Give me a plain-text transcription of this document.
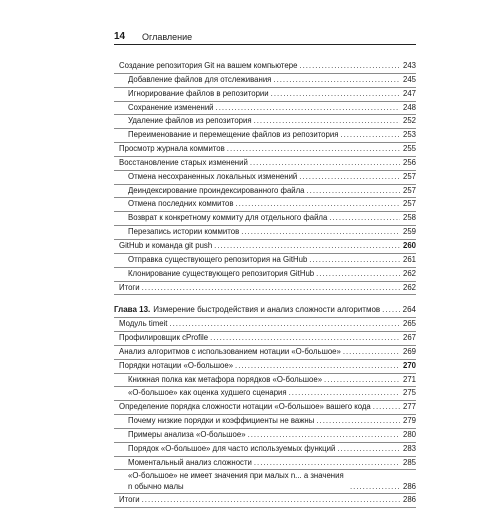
14	Оглавление
Создание репозитория Git на вашем компьютере .....	243
Добавление файлов для отслеживания .....	245
Игнорирование файлов в репозитории .....	247
Сохранение изменений .....	248
Удаление файлов из репозитория .....	252
Переименование и перемещение файлов из репозитория .....	253
Просмотр журнала коммитов .....	255
Восстановление старых изменений .....	256
Отмена несохраненных локальных изменений .....	257
Деиндексирование проиндексированного файла .....	257
Отмена последних коммитов .....	257
Возврат к конкретному коммиту для отдельного файла .....	258
Перезапись истории коммитов .....	259
GitHub и команда git push .....	260
Отправка существующего репозитория на GitHub .....	261
Клонирование существующего репозитория GitHub .....	262
Итоги .....	262
Глава 13. Измерение быстродействия и анализ сложности алгоритмов .....	264
Модуль timeit .....	265
Профилировщик cProfile .....	267
Анализ алгоритмов с использованием нотации «О-большое» .....	269
Порядки нотации «О-большое» .....	270
Книжная полка как метафора порядков «О-большое» .....	271
«О-большое» как оценка худшего сценария .....	275
Определение порядка сложности нотации «О-большое» вашего кода .....	277
Почему низкие порядки и коэффициенты не важны .....	279
Примеры анализа «О-большое» .....	280
Порядок «О-большое» для часто используемых функций .....	283
Моментальный анализ сложности .....	285
«О-большое» не имеет значения при малых n... а значения n обычно малы .....	286
Итоги .....	286
